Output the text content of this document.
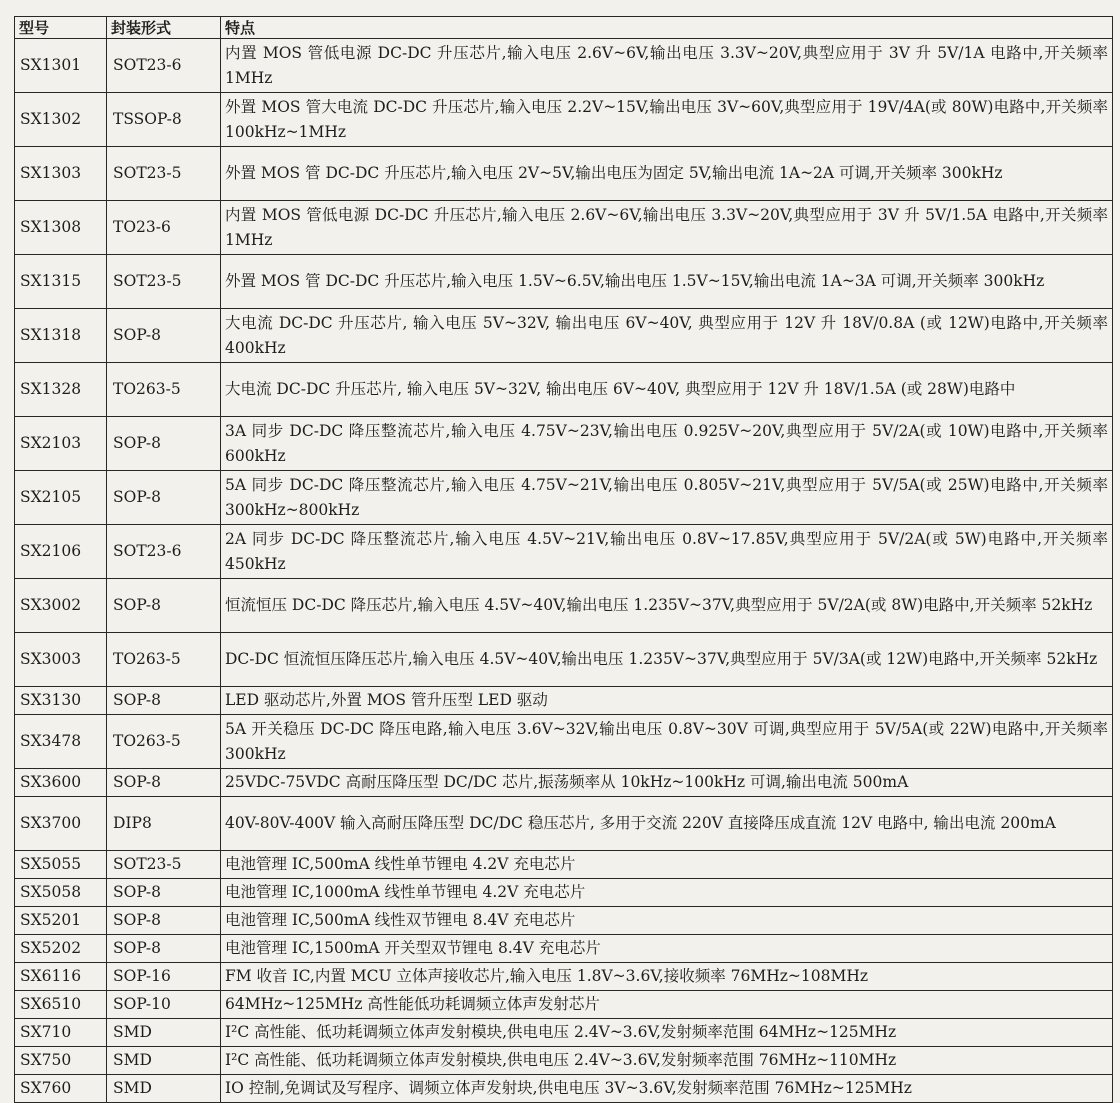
型号	封装形式	特点
SX1301	SOT23-6	内置 MOS 管低电源 DC-DC 升压芯片,输入电压 2.6V~6V,输出电压 3.3V~20V,典型应用于 3V 升 5V/1A 电路中,开关频率 1MHz
SX1302	TSSOP-8	外置 MOS 管大电流 DC-DC 升压芯片,输入电压 2.2V~15V,输出电压 3V~60V,典型应用于 19V/4A(或 80W)电路中,开关频率 100kHz~1MHz
SX1303	SOT23-5	外置 MOS 管 DC-DC 升压芯片,输入电压 2V~5V,输出电压为固定 5V,输出电流 1A~2A 可调,开关频率 300kHz
SX1308	TO23-6	内置 MOS 管低电源 DC-DC 升压芯片,输入电压 2.6V~6V,输出电压 3.3V~20V,典型应用于 3V 升 5V/1.5A 电路中,开关频率 1MHz
SX1315	SOT23-5	外置 MOS 管 DC-DC 升压芯片,输入电压 1.5V~6.5V,输出电压 1.5V~15V,输出电流 1A~3A 可调,开关频率 300kHz
SX1318	SOP-8	大电流 DC-DC 升压芯片, 输入电压 5V~32V, 输出电压 6V~40V, 典型应用于 12V 升 18V/0.8A (或 12W)电路中,开关频率 400kHz
SX1328	TO263-5	大电流 DC-DC 升压芯片, 输入电压 5V~32V, 输出电压 6V~40V, 典型应用于 12V 升 18V/1.5A (或 28W)电路中
SX2103	SOP-8	3A 同步 DC-DC 降压整流芯片,输入电压 4.75V~23V,输出电压 0.925V~20V,典型应用于 5V/2A(或 10W)电路中,开关频率 600kHz
SX2105	SOP-8	5A 同步 DC-DC 降压整流芯片,输入电压 4.75V~21V,输出电压 0.805V~21V,典型应用于 5V/5A(或 25W)电路中,开关频率 300kHz~800kHz
SX2106	SOT23-6	2A 同步 DC-DC 降压整流芯片,输入电压 4.5V~21V,输出电压 0.8V~17.85V,典型应用于 5V/2A(或 5W)电路中,开关频率 450kHz
SX3002	SOP-8	恒流恒压 DC-DC 降压芯片,输入电压 4.5V~40V,输出电压 1.235V~37V,典型应用于 5V/2A(或 8W)电路中,开关频率 52kHz
SX3003	TO263-5	DC-DC 恒流恒压降压芯片,输入电压 4.5V~40V,输出电压 1.235V~37V,典型应用于 5V/3A(或 12W)电路中,开关频率 52kHz
SX3130	SOP-8	LED 驱动芯片,外置 MOS 管升压型 LED 驱动
SX3478	TO263-5	5A 开关稳压 DC-DC 降压电路,输入电压 3.6V~32V,输出电压 0.8V~30V 可调,典型应用于 5V/5A(或 22W)电路中,开关频率 300kHz
SX3600	SOP-8	25VDC-75VDC 高耐压降压型 DC/DC 芯片,振荡频率从 10kHz~100kHz 可调,输出电流 500mA
SX3700	DIP8	40V-80V-400V 输入高耐压降压型 DC/DC 稳压芯片, 多用于交流 220V 直接降压成直流 12V 电路中, 输出电流 200mA
SX5055	SOT23-5	电池管理 IC,500mA 线性单节锂电 4.2V 充电芯片
SX5058	SOP-8	电池管理 IC,1000mA 线性单节锂电 4.2V 充电芯片
SX5201	SOP-8	电池管理 IC,500mA 线性双节锂电 8.4V 充电芯片
SX5202	SOP-8	电池管理 IC,1500mA 开关型双节锂电 8.4V 充电芯片
SX6116	SOP-16	FM 收音 IC,内置 MCU 立体声接收芯片,输入电压 1.8V~3.6V,接收频率 76MHz~108MHz
SX6510	SOP-10	64MHz~125MHz 高性能低功耗调频立体声发射芯片
SX710	SMD	I²C 高性能、低功耗调频立体声发射模块,供电电压 2.4V~3.6V,发射频率范围 64MHz~125MHz
SX750	SMD	I²C 高性能、低功耗调频立体声发射模块,供电电压 2.4V~3.6V,发射频率范围 76MHz~110MHz
SX760	SMD	IO 控制,免调试及写程序、调频立体声发射块,供电电压 3V~3.6V,发射频率范围 76MHz~125MHz
